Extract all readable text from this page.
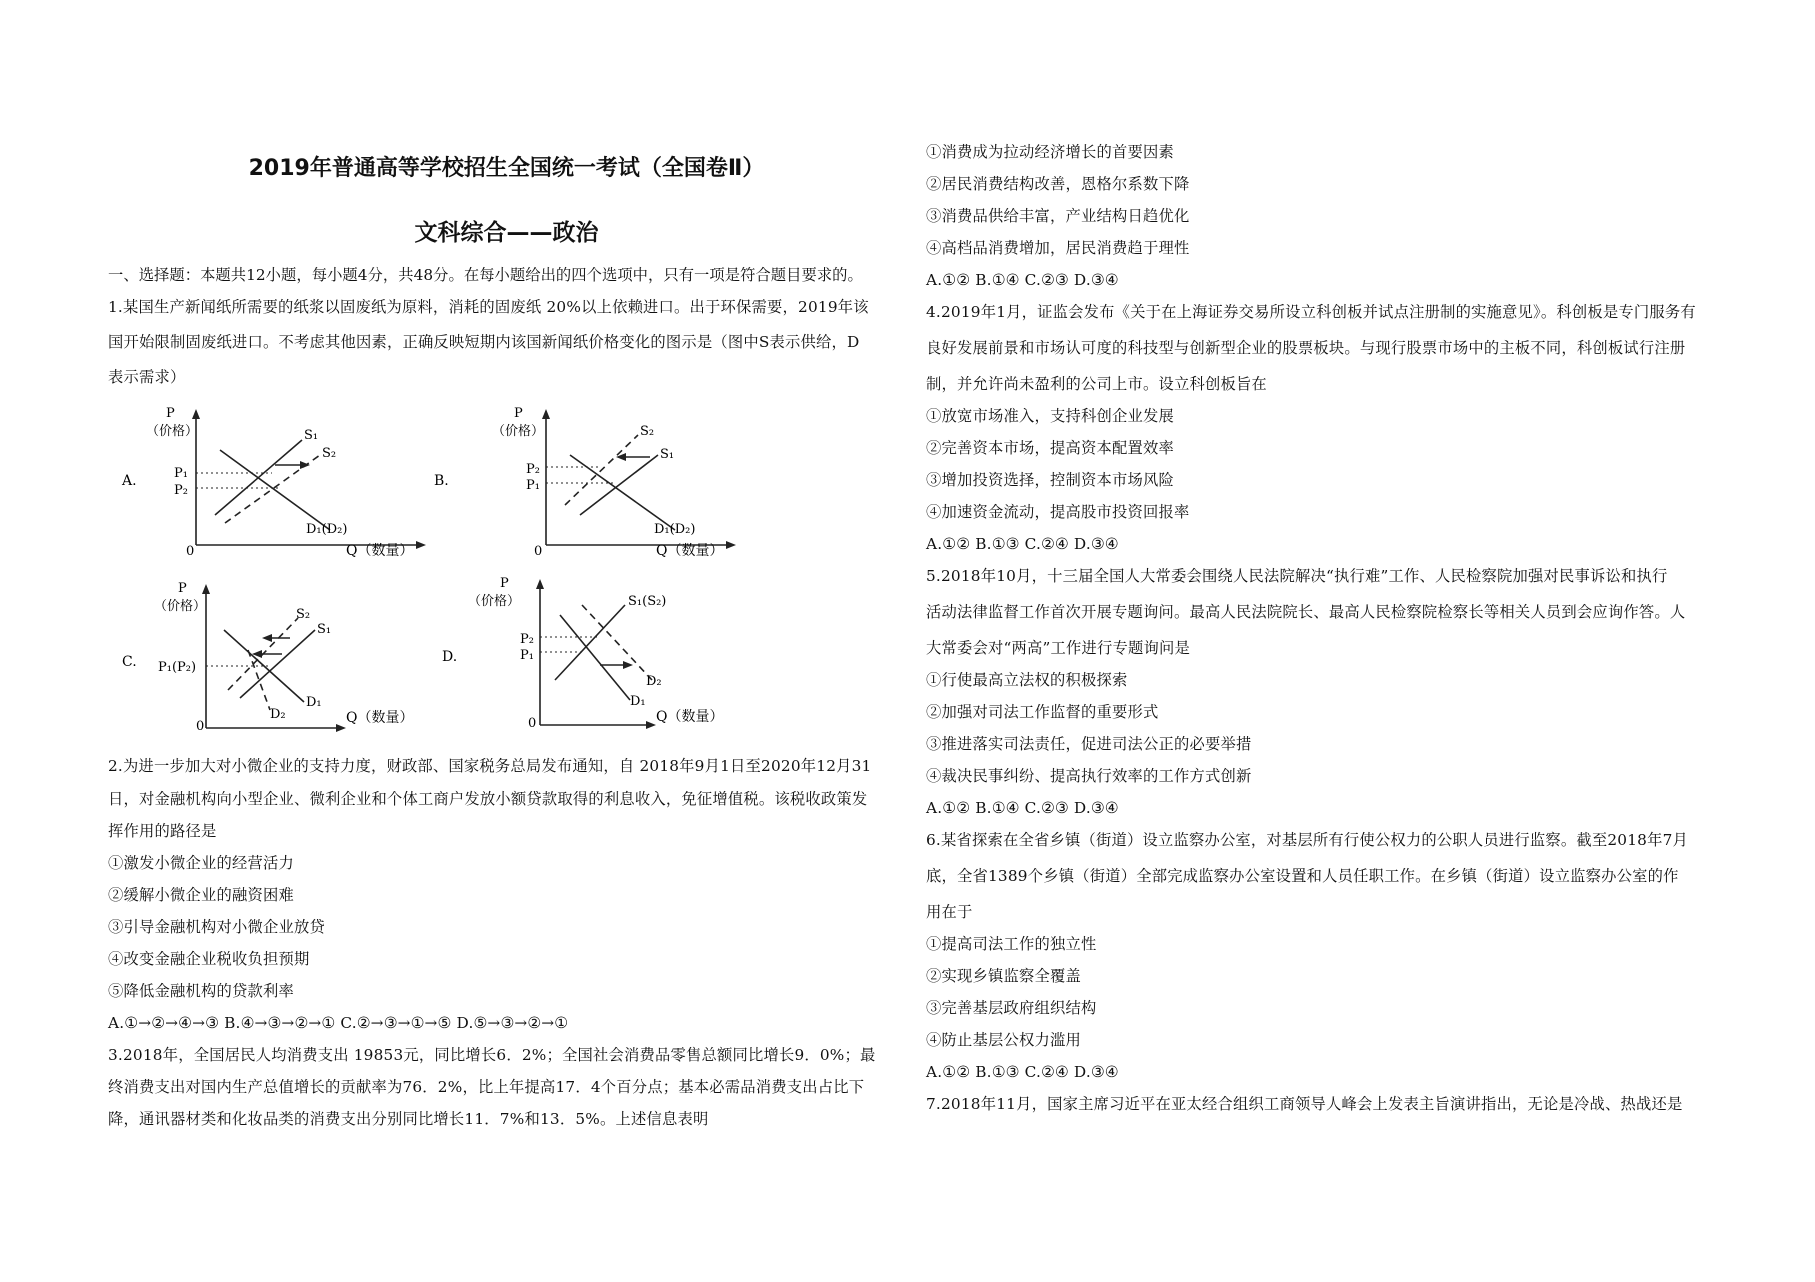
2019年普通高等学校招生全国统一考试（全国卷Ⅱ）
文科综合——政治
一、选择题：本题共12小题，每小题4分，共48分。在每小题给出的四个选项中，只有一项是符合题目要求的。
1.某国生产新闻纸所需要的纸浆以固废纸为原料，消耗的固废纸 20%以上依赖进口。出于环保需要，2019年该
国开始限制固废纸进口。不考虑其他因素，正确反映短期内该国新闻纸价格变化的图示是（图中S表示供给，D
表示需求）
P
（价格）
A.
0	Q（数量）
S₁
S₂
P₁
P₂
D₁(D₂)
P
（价格）
B.
0	Q（数量）
S₂
S₁
P₂
P₁
D₁(D₂)
P
（价格）
C.
0
Q（数量）
S₂
S₁
P₁(P₂)
D₁
D₂
P
（价格）
D.
0	Q（数量）
S₁(S₂)
P₂
P₁
D₂
D₁
2.为进一步加大对小微企业的支持力度，财政部、国家税务总局发布通知，自 2018年9月1日至2020年12月31
日，对金融机构向小型企业、微利企业和个体工商户发放小额贷款取得的利息收入，免征增值税。该税收政策发
挥作用的路径是
①激发小微企业的经营活力
②缓解小微企业的融资困难
③引导金融机构对小微企业放贷
④改变金融企业税收负担预期
⑤降低金融机构的贷款利率
A.①→②→④→③ B.④→③→②→① C.②→③→①→⑤ D.⑤→③→②→①
3.2018年，全国居民人均消费支出 19853元，同比增长6．2%；全国社会消费品零售总额同比增长9．0%；最
终消费支出对国内生产总值增长的贡献率为76．2%，比上年提高17．4个百分点；基本必需品消费支出占比下
降，通讯器材类和化妆品类的消费支出分别同比增长11．7%和13．5%。上述信息表明
①消费成为拉动经济增长的首要因素
②居民消费结构改善，恩格尔系数下降
③消费品供给丰富，产业结构日趋优化
④高档品消费增加，居民消费趋于理性
A.①② B.①④ C.②③ D.③④
4.2019年1月，证监会发布《关于在上海证券交易所设立科创板并试点注册制的实施意见》。科创板是专门服务有
良好发展前景和市场认可度的科技型与创新型企业的股票板块。与现行股票市场中的主板不同，科创板试行注册
制，并允许尚未盈利的公司上市。设立科创板旨在
①放宽市场准入，支持科创企业发展
②完善资本市场，提高资本配置效率
③增加投资选择，控制资本市场风险
④加速资金流动，提高股市投资回报率
A.①② B.①③ C.②④ D.③④
5.2018年10月，十三届全国人大常委会围绕人民法院解决“执行难”工作、人民检察院加强对民事诉讼和执行
活动法律监督工作首次开展专题询问。最高人民法院院长、最高人民检察院检察长等相关人员到会应询作答。人
大常委会对“两高”工作进行专题询问是
①行使最高立法权的积极探索
②加强对司法工作监督的重要形式
③推进落实司法责任，促进司法公正的必要举措
④裁决民事纠纷、提高执行效率的工作方式创新
A.①② B.①④ C.②③ D.③④
6.某省探索在全省乡镇（街道）设立监察办公室，对基层所有行使公权力的公职人员进行监察。截至2018年7月
底，全省1389个乡镇（街道）全部完成监察办公室设置和人员任职工作。在乡镇（街道）设立监察办公室的作
用在于
①提高司法工作的独立性
②实现乡镇监察全覆盖
③完善基层政府组织结构
④防止基层公权力滥用
A.①② B.①③ C.②④ D.③④
7.2018年11月，国家主席习近平在亚太经合组织工商领导人峰会上发表主旨演讲指出，无论是冷战、热战还是
